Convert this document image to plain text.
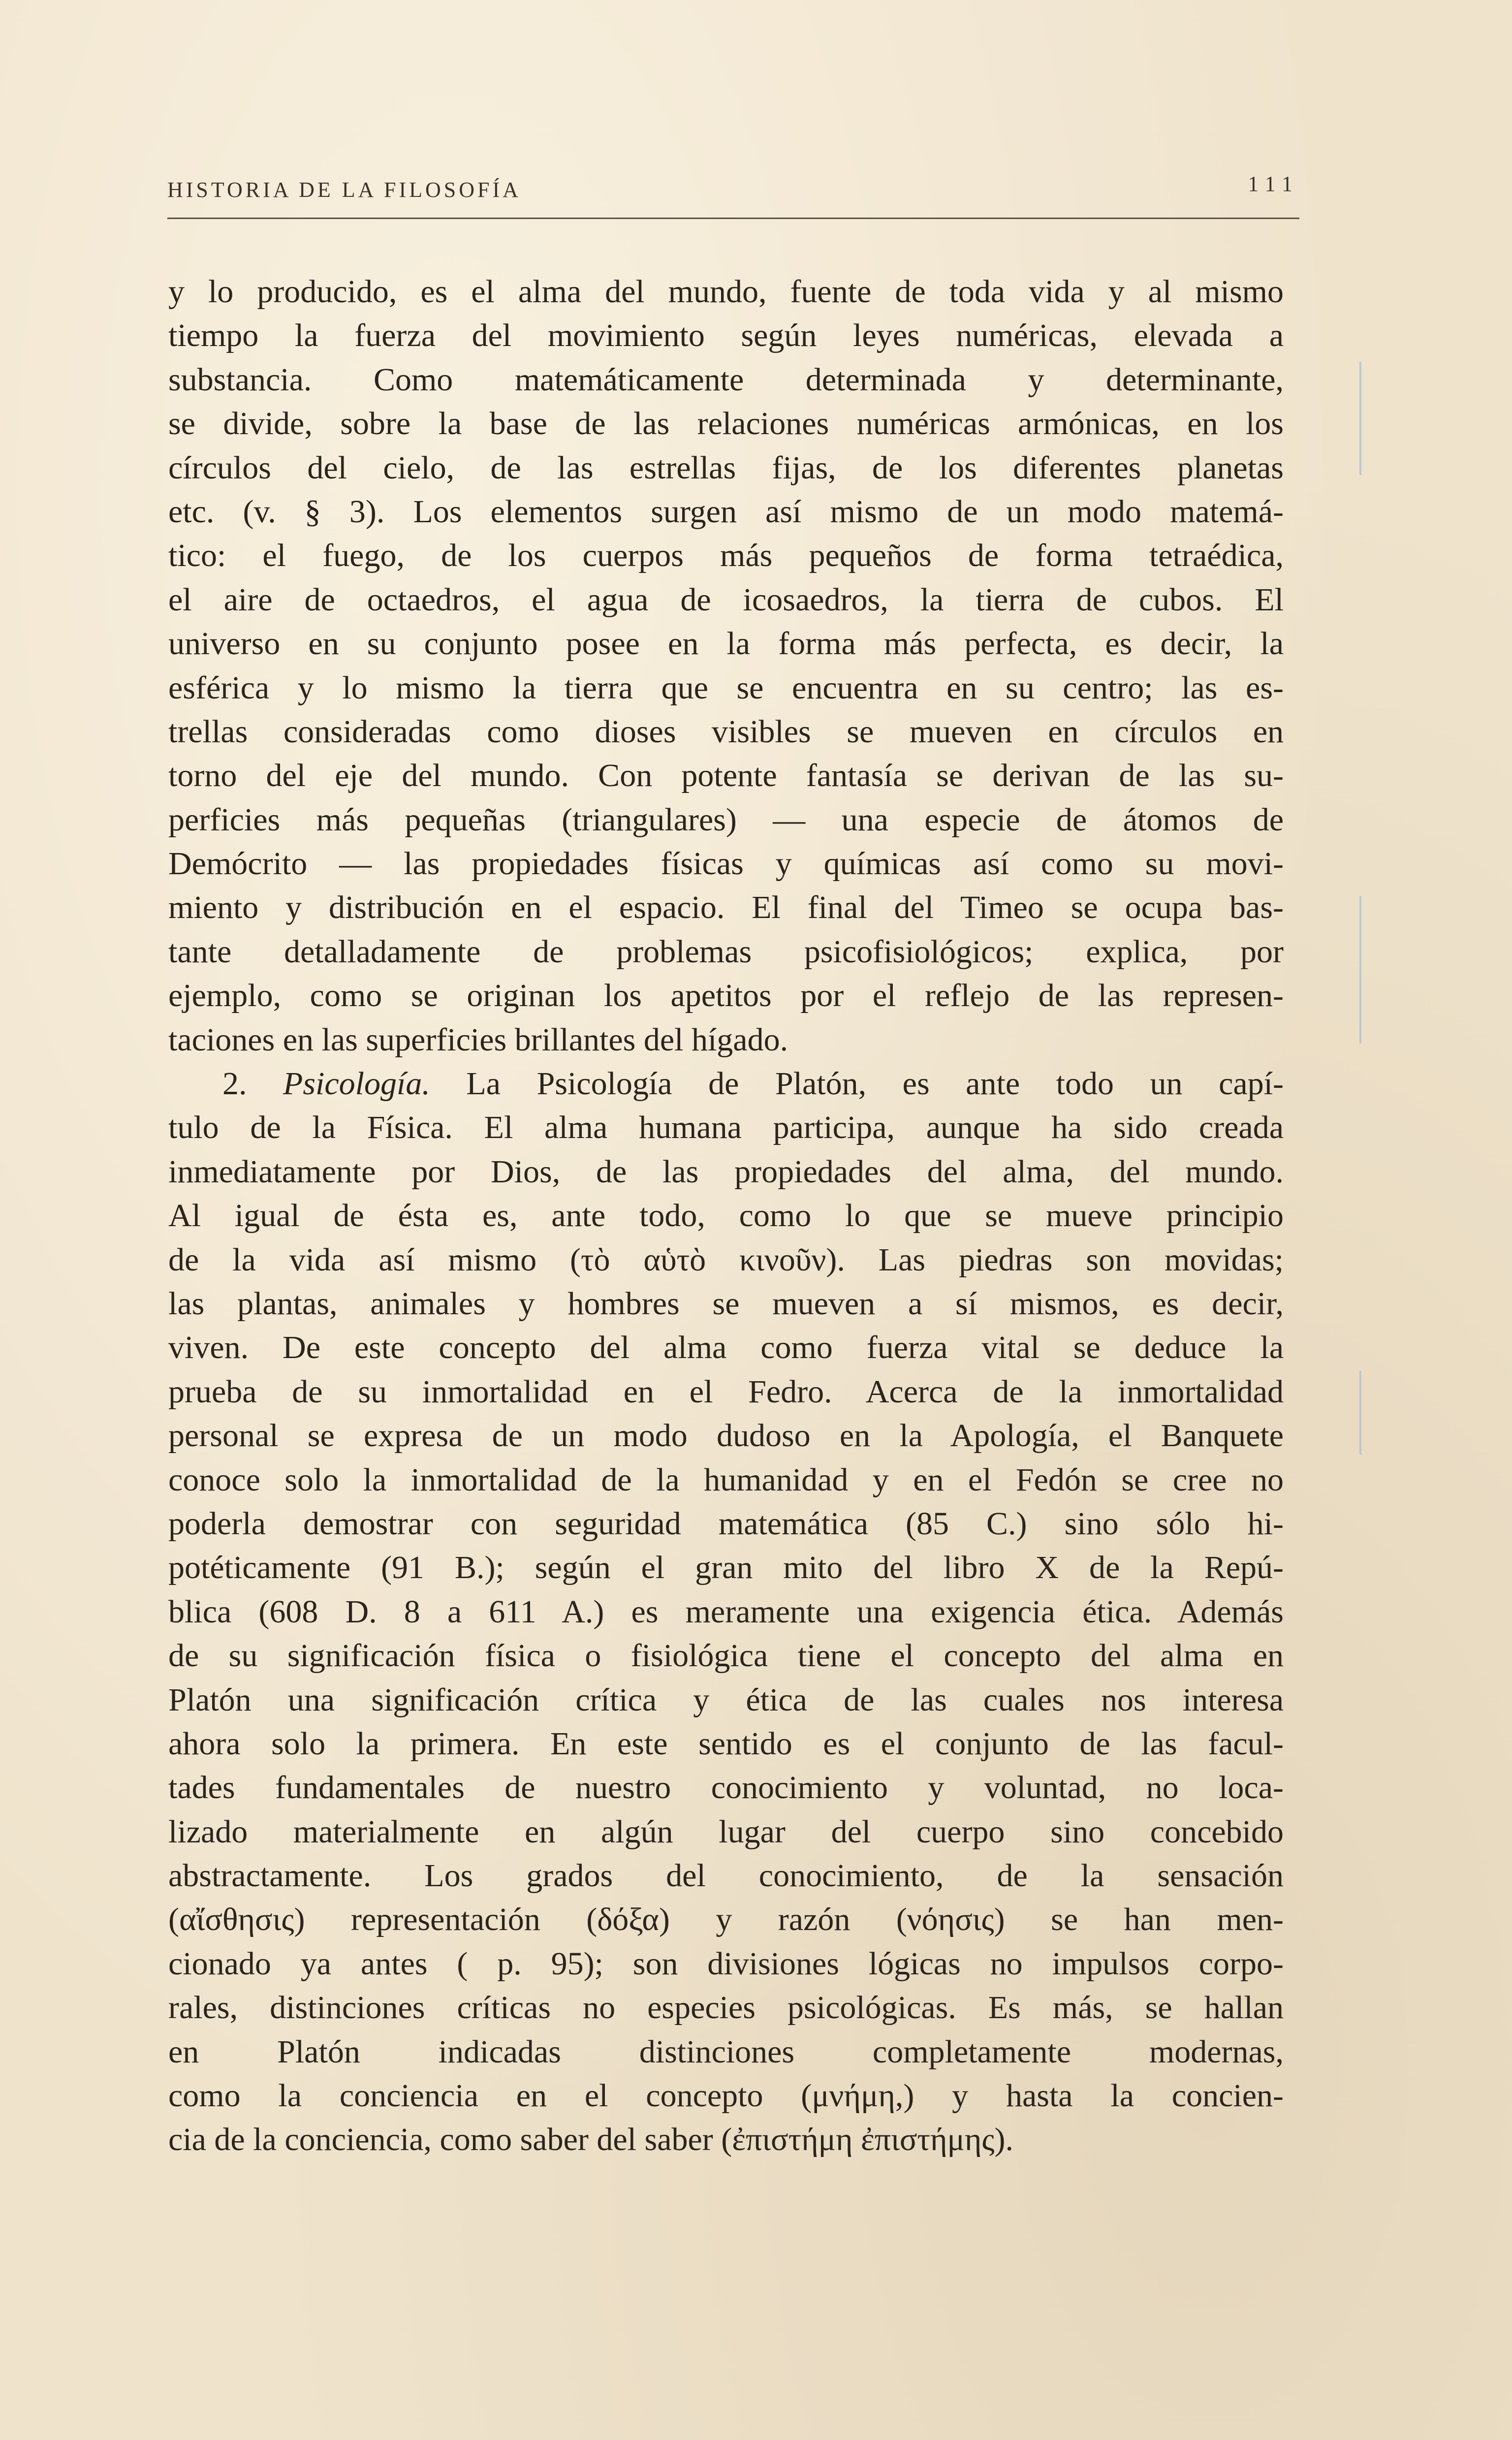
HISTORIA DE LA FILOSOFÍA	111
y lo producido, es el alma del mundo, fuente de toda vida y al mismo
tiempo la fuerza del movimiento según leyes numéricas, elevada a
substancia. Como matemáticamente determinada y determinante,
se divide, sobre la base de las relaciones numéricas armónicas, en los
círculos del cielo, de las estrellas fijas, de los diferentes planetas
etc. (v. § 3). Los elementos surgen así mismo de un modo matemá-
tico: el fuego, de los cuerpos más pequeños de forma tetraédica,
el aire de octaedros, el agua de icosaedros, la tierra de cubos. El
universo en su conjunto posee en la forma más perfecta, es decir, la
esférica y lo mismo la tierra que se encuentra en su centro; las es-
trellas consideradas como dioses visibles se mueven en círculos en
torno del eje del mundo. Con potente fantasía se derivan de las su-
perficies más pequeñas (triangulares) — una especie de átomos de
Demócrito — las propiedades físicas y químicas así como su movi-
miento y distribución en el espacio. El final del Timeo se ocupa bas-
tante detalladamente de problemas psicofisiológicos; explica, por
ejemplo, como se originan los apetitos por el reflejo de las represen-
taciones en las superficies brillantes del hígado.
2. Psicología. La Psicología de Platón, es ante todo un capí-
tulo de la Física. El alma humana participa, aunque ha sido creada
inmediatamente por Dios, de las propiedades del alma, del mundo.
Al igual de ésta es, ante todo, como lo que se mueve principio
de la vida así mismo (τὸ αὑτὸ κινοῦν). Las piedras son movidas;
las plantas, animales y hombres se mueven a sí mismos, es decir,
viven. De este concepto del alma como fuerza vital se deduce la
prueba de su inmortalidad en el Fedro. Acerca de la inmortalidad
personal se expresa de un modo dudoso en la Apología, el Banquete
conoce solo la inmortalidad de la humanidad y en el Fedón se cree no
poderla demostrar con seguridad matemática (85 C.) sino sólo hi-
potéticamente (91 B.); según el gran mito del libro X de la Repú-
blica (608 D. 8 a 611 A.) es meramente una exigencia ética. Además
de su significación física o fisiológica tiene el concepto del alma en
Platón una significación crítica y ética de las cuales nos interesa
ahora solo la primera. En este sentido es el conjunto de las facul-
tades fundamentales de nuestro conocimiento y voluntad, no loca-
lizado materialmente en algún lugar del cuerpo sino concebido
abstractamente. Los grados del conocimiento, de la sensación
(αἴσθησις) representación (δόξα) y razón (νόησις) se han men-
cionado ya antes ( p. 95); son divisiones lógicas no impulsos corpo-
rales, distinciones críticas no especies psicológicas. Es más, se hallan
en Platón indicadas distinciones completamente modernas,
como la conciencia en el concepto (μνήμη,) y hasta la concien-
cia de la conciencia, como saber del saber (ἐπιστήμη ἐπιστήμης).
